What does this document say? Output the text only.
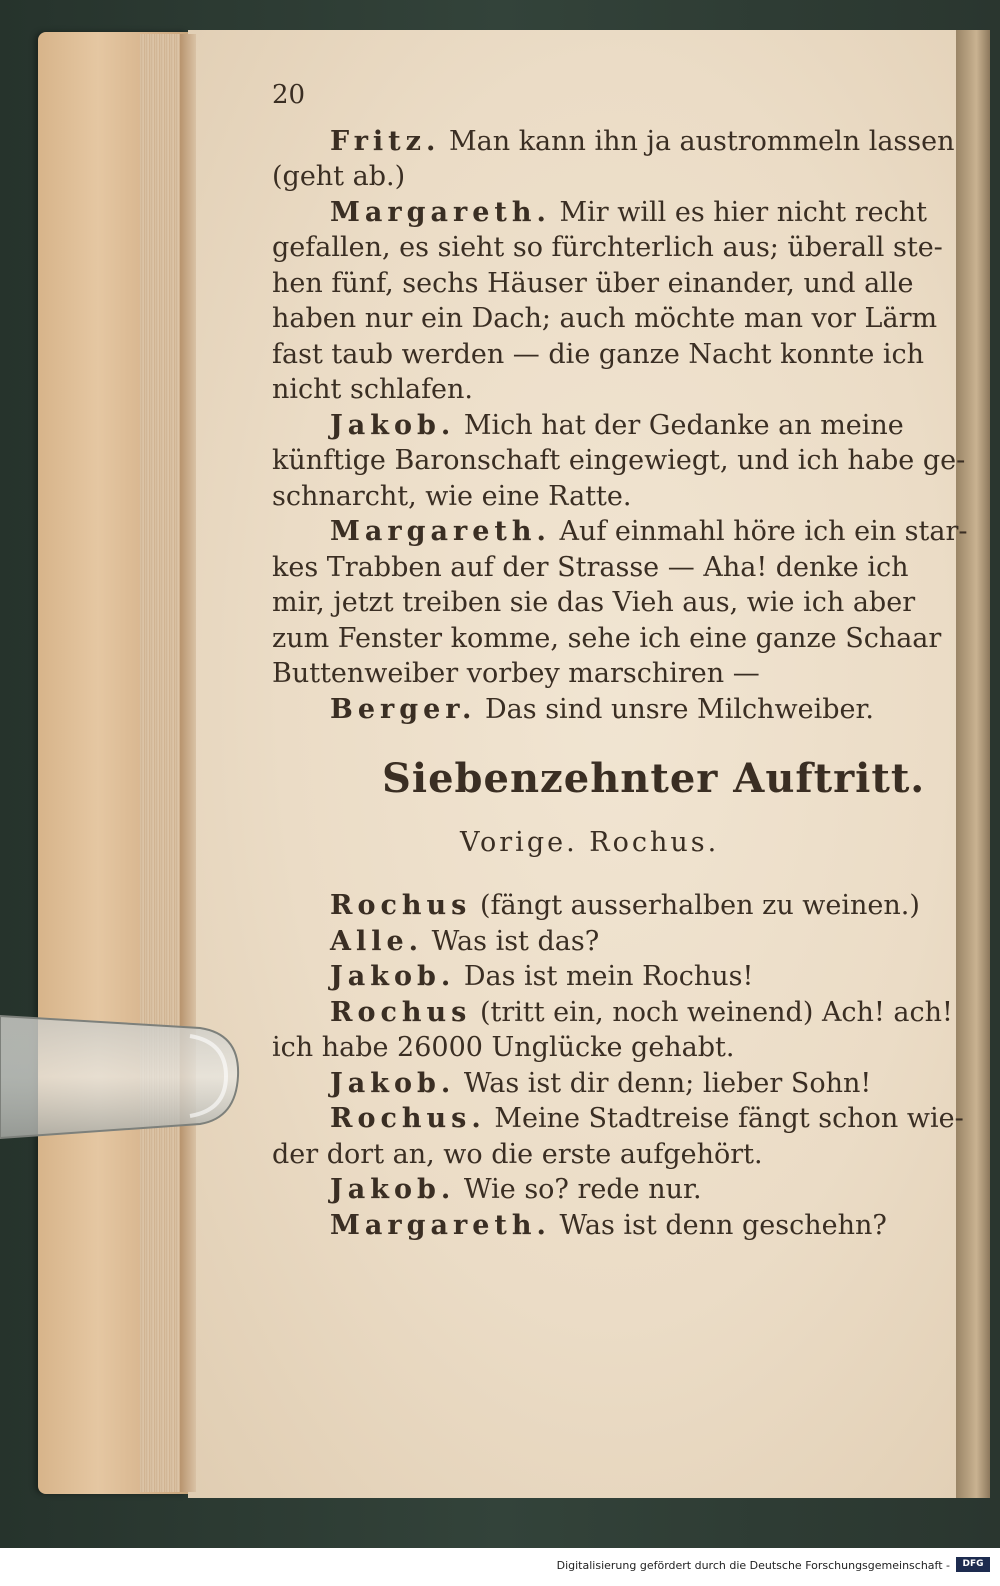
20
Fritz. Man kann ihn ja austrommeln lassen
(geht ab.)
Margareth. Mir will es hier nicht recht
gefallen, es sieht so fürchterlich aus; überall ste-
hen fünf, sechs Häuser über einander, und alle
haben nur ein Dach; auch möchte man vor Lärm
fast taub werden — die ganze Nacht konnte ich
nicht schlafen.
Jakob. Mich hat der Gedanke an meine
künftige Baronschaft eingewiegt, und ich habe ge-
schnarcht, wie eine Ratte.
Margareth. Auf einmahl höre ich ein star-
kes Trabben auf der Strasse — Aha! denke ich
mir, jetzt treiben sie das Vieh aus, wie ich aber
zum Fenster komme, sehe ich eine ganze Schaar
Buttenweiber vorbey marschiren —
Berger. Das sind unsre Milchweiber.
Siebenzehnter Auftritt.
Vorige. Rochus.
Rochus (fängt ausserhalben zu weinen.)
Alle. Was ist das?
Jakob. Das ist mein Rochus!
Rochus (tritt ein, noch weinend) Ach! ach!
ich habe 26000 Unglücke gehabt.
Jakob. Was ist dir denn; lieber Sohn!
Rochus. Meine Stadtreise fängt schon wie-
der dort an, wo die erste aufgehört.
Jakob. Wie so? rede nur.
Margareth. Was ist denn geschehn?
Digitalisierung gefördert durch die Deutsche Forschungsgemeinschaft -	DFG
